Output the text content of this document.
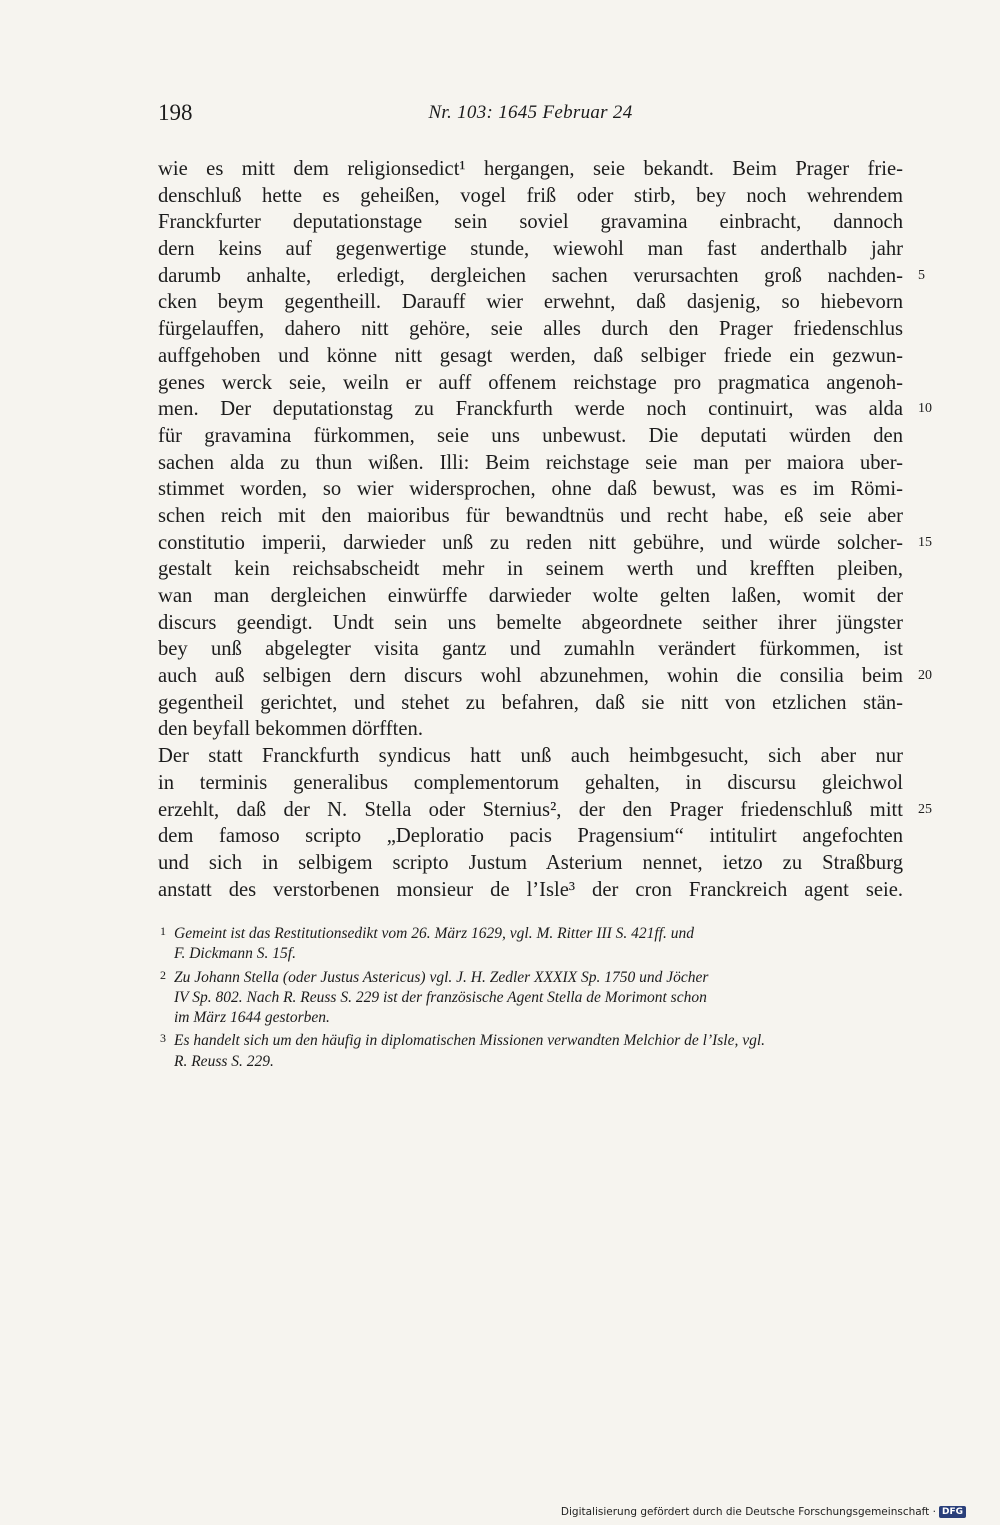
198	Nr. 103: 1645 Februar 24
wie es mitt dem religionsedict¹ hergangen, seie bekandt. Beim Prager frie-
denschluß hette es geheißen, vogel friß oder stirb, bey noch wehrendem
Franckfurter deputationstage sein soviel gravamina einbracht, dannoch
dern keins auf gegenwertige stunde, wiewohl man fast anderthalb jahr
darumb anhalte, erledigt, dergleichen sachen verursachten groß nachden- 5
cken beym gegentheill. Darauff wier erwehnt, daß dasjenig, so hiebevorn
fürgelauffen, dahero nitt gehöre, seie alles durch den Prager friedenschlus
auffgehoben und könne nitt gesagt werden, daß selbiger friede ein gezwun-
genes werck seie, weiln er auff offenem reichstage pro pragmatica angenoh-
men. Der deputationstag zu Franckfurth werde noch continuirt, was alda 10
für gravamina fürkommen, seie uns unbewust. Die deputati würden den
sachen alda zu thun wißen. Illi: Beim reichstage seie man per maiora uber-
stimmet worden, so wier widersprochen, ohne daß bewust, was es im Römi-
schen reich mit den maioribus für bewandtnüs und recht habe, eß seie aber
constitutio imperii, darwieder unß zu reden nitt gebühre, und würde solcher- 15
gestalt kein reichsabscheidt mehr in seinem werth und krefften pleiben,
wan man dergleichen einwürffe darwieder wolte gelten laßen, womit der
discurs geendigt. Undt sein uns bemelte abgeordnete seither ihrer jüngster
bey unß abgelegter visita gantz und zumahln verändert fürkommen, ist
auch auß selbigen dern discurs wohl abzunehmen, wohin die consilia beim 20
gegentheil gerichtet, und stehet zu befahren, daß sie nitt von etzlichen stän-
den beyfall bekommen dörfften.
Der statt Franckfurth syndicus hatt unß auch heimbgesucht, sich aber nur
in terminis generalibus complementorum gehalten, in discursu gleichwol
erzehlt, daß der N. Stella oder Sternius², der den Prager friedenschluß mitt 25
dem famoso scripto „Deploratio pacis Pragensium“ intitulirt angefochten
und sich in selbigem scripto Justum Asterium nennet, ietzo zu Straßburg
anstatt des verstorbenen monsieur de l’Isle³ der cron Franckreich agent seie.
1 Gemeint ist das Restitutionsedikt vom 26. März 1629, vgl. M. Ritter III S. 421ff. und
F. Dickmann S. 15f.
2 Zu Johann Stella (oder Justus Astericus) vgl. J. H. Zedler XXXIX Sp. 1750 und Jöcher
IV Sp. 802. Nach R. Reuss S. 229 ist der französische Agent Stella de Morimont schon
im März 1644 gestorben.
3 Es handelt sich um den häufig in diplomatischen Missionen verwandten Melchior de l’Isle, vgl.
R. Reuss S. 229.
Digitalisierung gefördert durch die Deutsche Forschungsgemeinschaft · DFG
